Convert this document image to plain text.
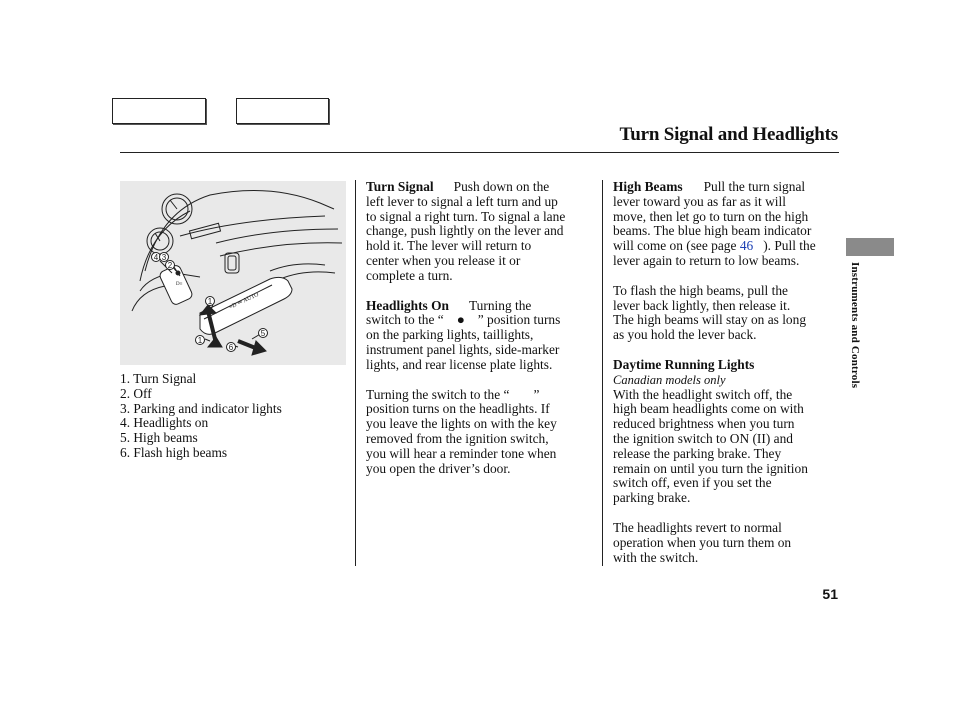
Turn Signal and Headlights
D≡
≡D ⇐ AUTO
4 3
2
1
1
5
6
1. Turn Signal
2. Off
3. Parking and indicator lights
4. Headlights on
5. High beams
6. Flash high beams

Turn Signal Push down on the

left lever to signal a left turn and up

to signal a right turn. To signal a lane

change, push lightly on the lever and

hold it. The lever will return to

center when you release it or

complete a turn.

Headlights On Turning the

switch to the “ ● ” position turns

on the parking lights, taillights,

instrument panel lights, side-marker

lights, and rear license plate lights.

Turning the switch to the “ ”

position turns on the headlights. If

you leave the lights on with the key

removed from the ignition switch,

you will hear a reminder tone when

you open the driver’s door.

High Beams Pull the turn signal

lever toward you as far as it will

move, then let go to turn on the high

beams. The blue high beam indicator

will come on (see page 46 ). Pull the

lever again to return to low beams.

To flash the high beams, pull the

lever back lightly, then release it.

The high beams will stay on as long

as you hold the lever back.

Daytime Running Lights

Canadian models only

With the headlight switch off, the

high beam headlights come on with

reduced brightness when you turn

the ignition switch to ON (II) and

release the parking brake. They

remain on until you turn the ignition

switch off, even if you set the

parking brake.

The headlights revert to normal

operation when you turn them on

with the switch.

Instruments and Controls
51
